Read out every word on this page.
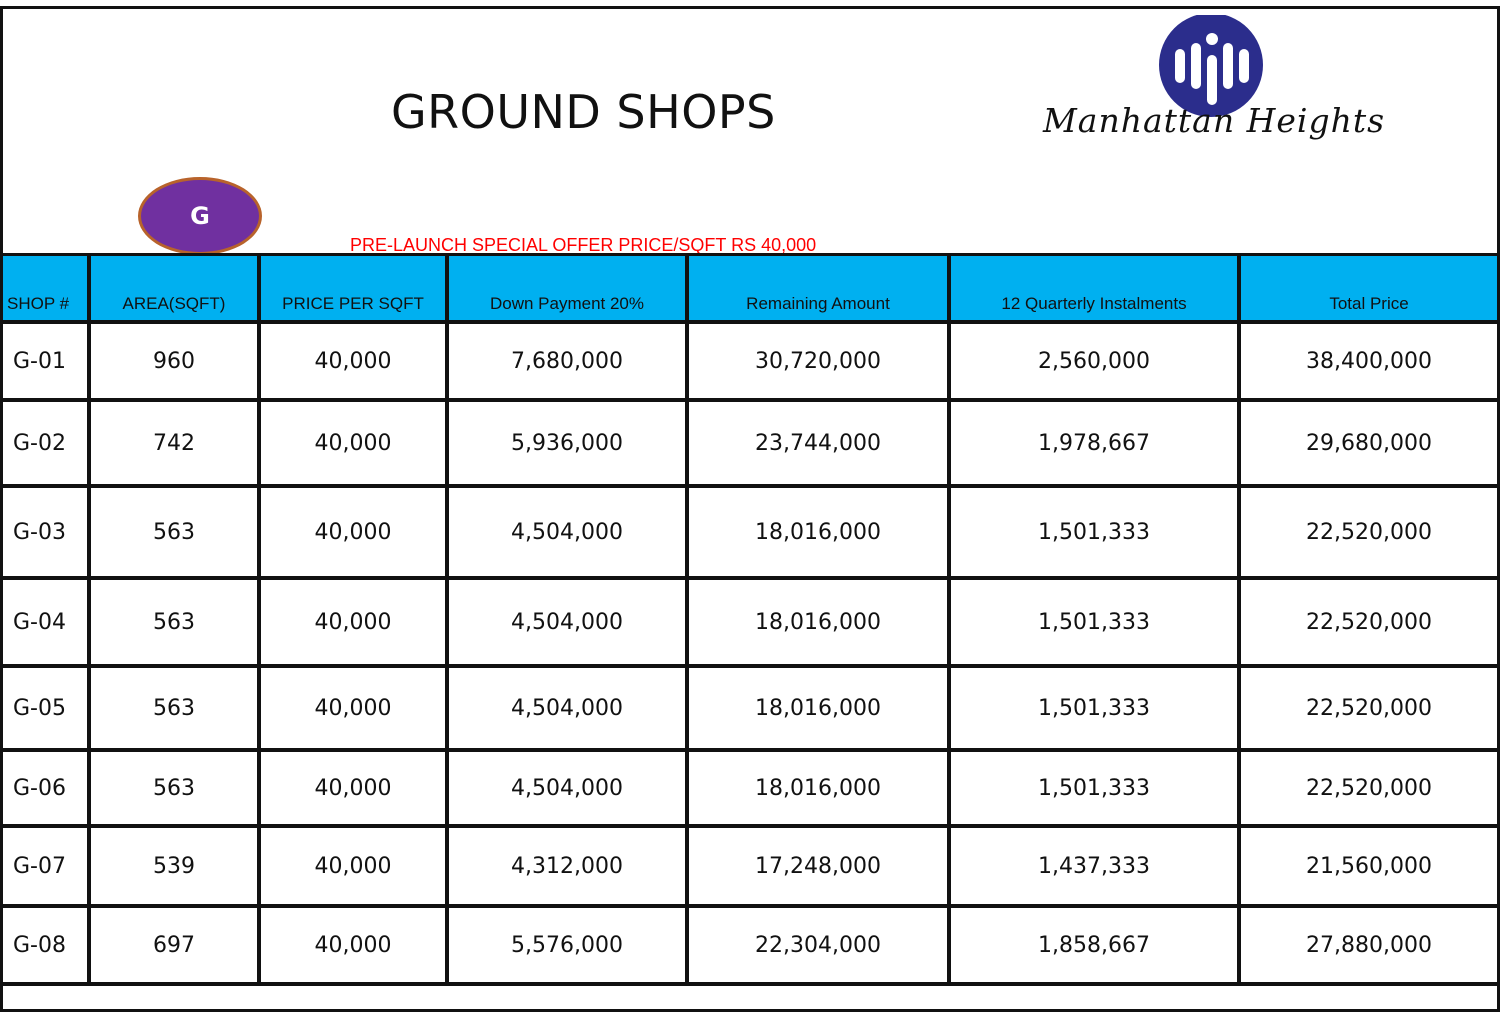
GROUND SHOPS	Manhattan Heights
G
PRE-LAUNCH SPECIAL OFFER PRICE/SQFT RS 40,000
SHOP #	AREA(SQFT)	PRICE PER SQFT	Down Payment 20%	Remaining Amount	12 Quarterly Instalments	Total Price
G-01	960	40,000	7,680,000	30,720,000	2,560,000	38,400,000
G-02	742	40,000	5,936,000	23,744,000	1,978,667	29,680,000
G-03	563	40,000	4,504,000	18,016,000	1,501,333	22,520,000
G-04	563	40,000	4,504,000	18,016,000	1,501,333	22,520,000
G-05	563	40,000	4,504,000	18,016,000	1,501,333	22,520,000
G-06	563	40,000	4,504,000	18,016,000	1,501,333	22,520,000
G-07	539	40,000	4,312,000	17,248,000	1,437,333	21,560,000
G-08	697	40,000	5,576,000	22,304,000	1,858,667	27,880,000
